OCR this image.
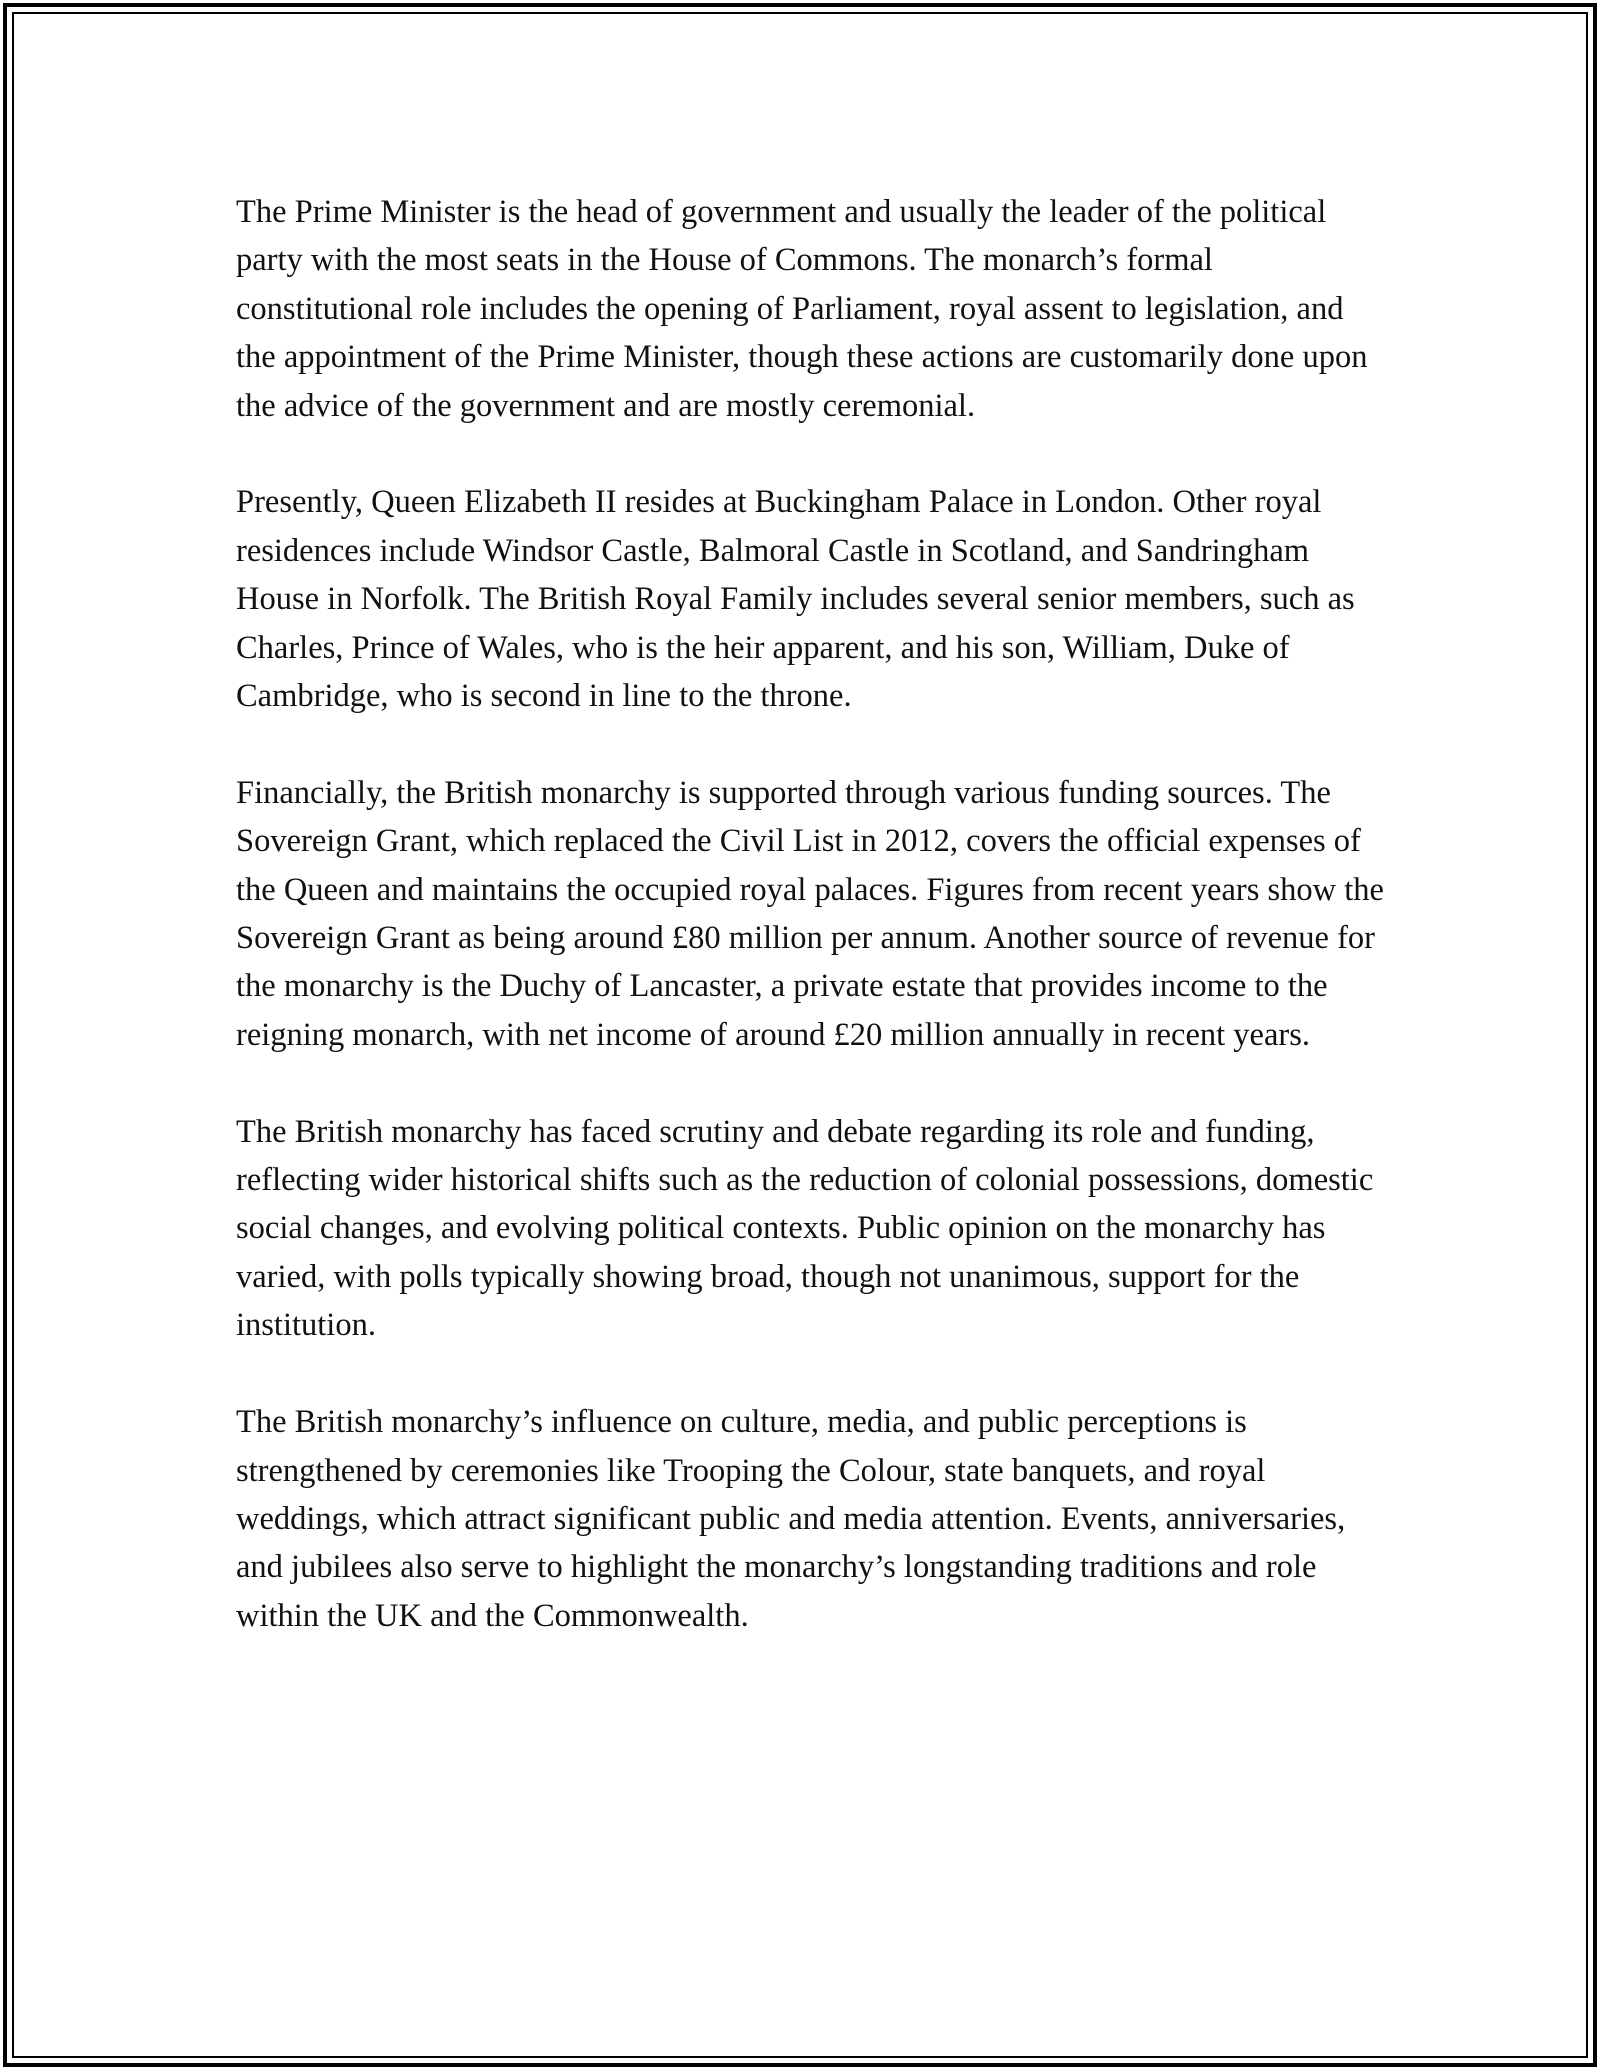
The Prime Minister is the head of government and usually the leader of the political party with the most seats in the House of Commons. The monarch’s formal constitutional role includes the opening of Parliament, royal assent to legislation, and the appointment of the Prime Minister, though these actions are customarily done upon the advice of the government and are mostly ceremonial.

Presently, Queen Elizabeth II resides at Buckingham Palace in London. Other royal residences include Windsor Castle, Balmoral Castle in Scotland, and Sandringham House in Norfolk. The British Royal Family includes several senior members, such as Charles, Prince of Wales, who is the heir apparent, and his son, William, Duke of Cambridge, who is second in line to the throne.

Financially, the British monarchy is supported through various funding sources. The Sovereign Grant, which replaced the Civil List in 2012, covers the official expenses of the Queen and maintains the occupied royal palaces. Figures from recent years show the Sovereign Grant as being around £80 million per annum. Another source of revenue for the monarchy is the Duchy of Lancaster, a private estate that provides income to the reigning monarch, with net income of around £20 million annually in recent years.

The British monarchy has faced scrutiny and debate regarding its role and funding, reflecting wider historical shifts such as the reduction of colonial possessions, domestic social changes, and evolving political contexts. Public opinion on the monarchy has varied, with polls typically showing broad, though not unanimous, support for the institution.

The British monarchy’s influence on culture, media, and public perceptions is strengthened by ceremonies like Trooping the Colour, state banquets, and royal weddings, which attract significant public and media attention. Events, anniversaries, and jubilees also serve to highlight the monarchy’s longstanding traditions and role within the UK and the Commonwealth.
